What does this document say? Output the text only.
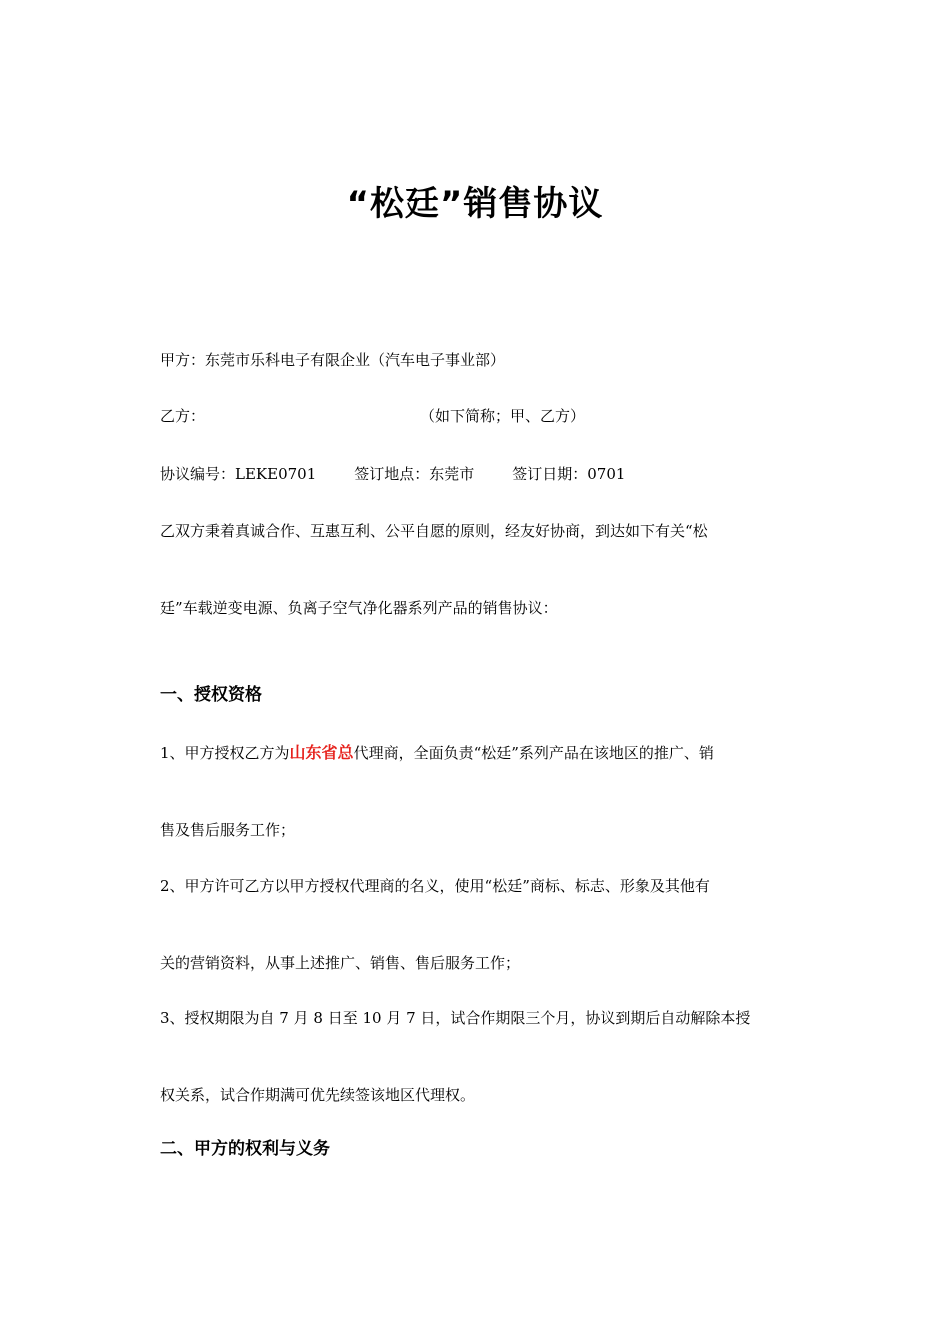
“松廷”销售协议
甲方：东莞市乐科电子有限企业（汽车电子事业部）
乙方：	（如下简称；甲、乙方）
协议编号：LEKE0701	签订地点：东莞市	签订日期：0701
乙双方秉着真诚合作、互惠互利、公平自愿的原则，经友好协商，到达如下有关“松
廷”车载逆变电源、负离子空气净化器系列产品的销售协议：
一、授权资格
1、甲方授权乙方为山东省总代理商，全面负责“松廷”系列产品在该地区的推广、销
售及售后服务工作；
2、甲方许可乙方以甲方授权代理商的名义，使用“松廷”商标、标志、形象及其他有
关的营销资料，从事上述推广、销售、售后服务工作；
3、授权期限为自 7 月 8 日至 10 月 7 日，试合作期限三个月，协议到期后自动解除本授
权关系，试合作期满可优先续签该地区代理权。
二、甲方的权利与义务
